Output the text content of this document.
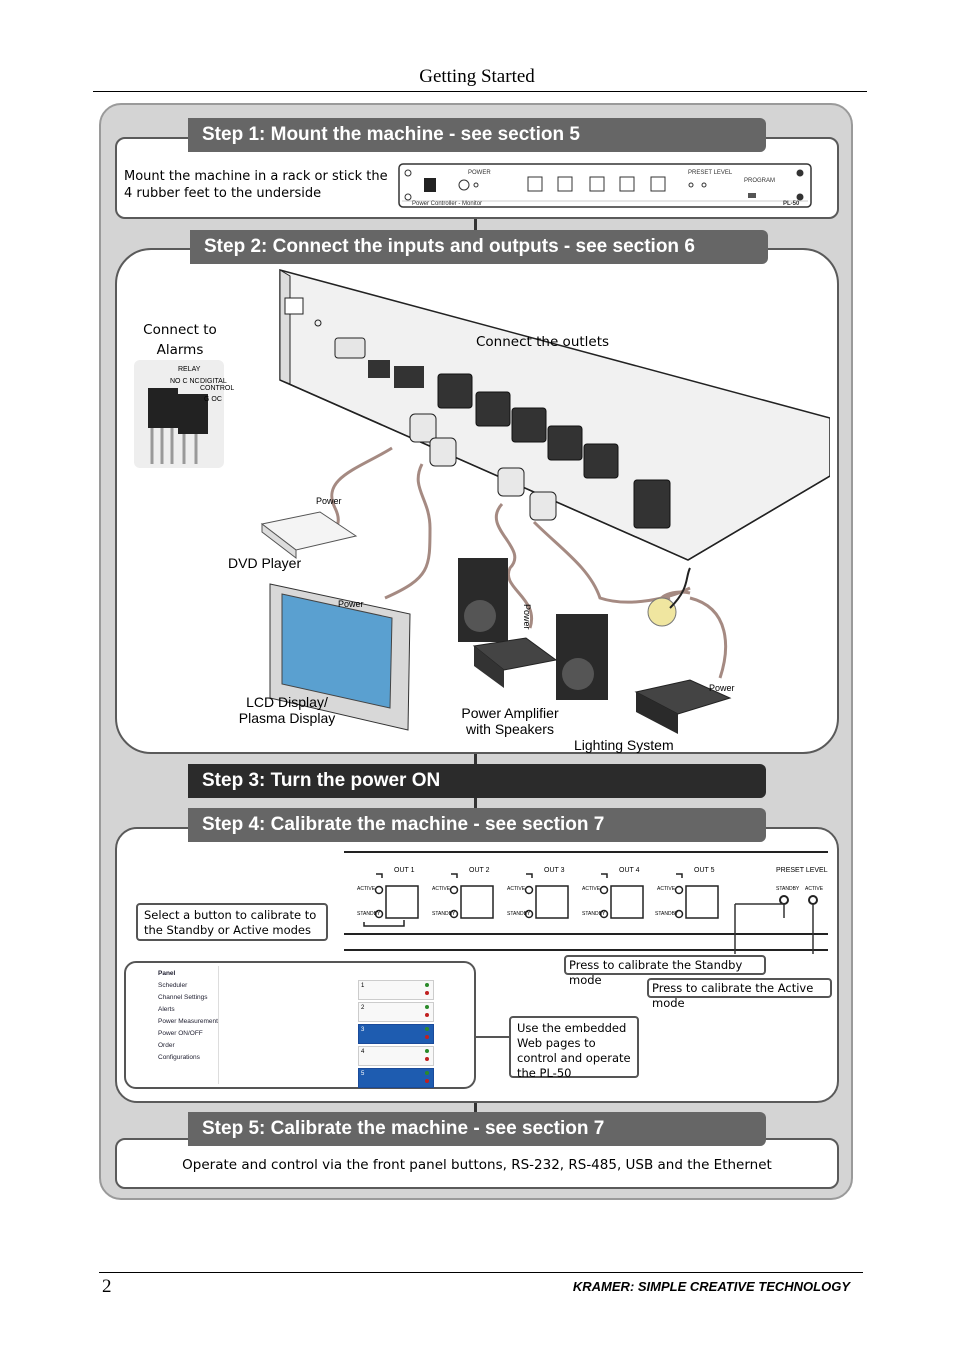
Getting Started
Step 1: Mount the machine - see section 5
Mount the machine in a rack or stick the 4 rubber feet to the underside
POWER	PRESET LEVEL
PROGRAM
Power Controller - Monitor	PL-50
Step 2: Connect the inputs and outputs - see section 6
Connect to Alarms
RELAY
DIGITAL CONTROL
NO C NC
G OC
Connect the outlets
Power
Power	Power
Power
DVD Player
LCD Display/ Plasma Display	Power Amplifier with Speakers
Lighting System
Step 3: Turn the power ON
Step 4: Calibrate the machine - see section 7
OUT 1	OUT 2	OUT 3	OUT 4	OUT 5
ACTIVE
STANDBY
ACTIVE
STANDBY
ACTIVE
STANDBY
ACTIVE
STANDBY
ACTIVE
STANDBY
PRESET LEVEL
STANDBY ACTIVE
Select a button to calibrate to the Standby or Active modes
Press to calibrate the Standby mode
Press to calibrate the Active mode
Panel
Scheduler
Channel Settings
Alerts
Power Measurement
Power ON/OFF Order
Configurations
1
2
3
4
5
Use the embedded Web pages to control and operate the PL-50
Step 5: Calibrate the machine - see section 7
Operate and control via the front panel buttons, RS-232, RS-485, USB and the Ethernet
2	KRAMER: SIMPLE CREATIVE TECHNOLOGY
